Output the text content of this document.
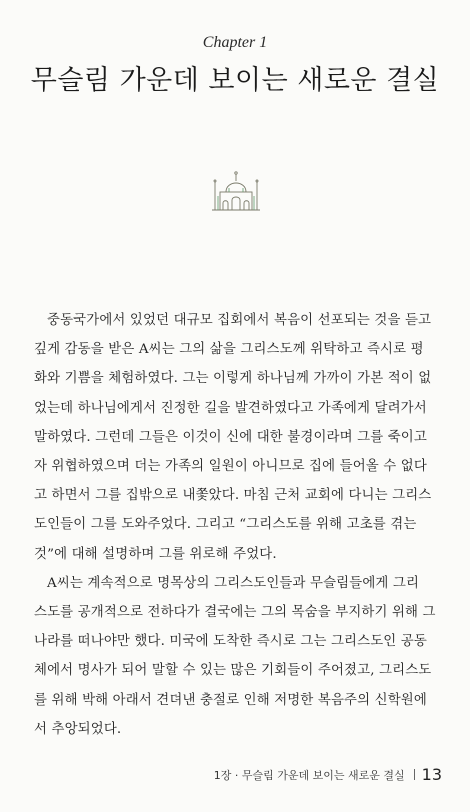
Chapter 1
무슬림 가운데 보이는 새로운 결실

중동국가에서 있었던 대규모 집회에서 복음이 선포되는 것을 듣고
깊게 감동을 받은 A씨는 그의 삶을 그리스도께 위탁하고 즉시로 평
화와 기쁨을 체험하였다. 그는 이렇게 하나님께 가까이 가본 적이 없
었는데 하나님에게서 진정한 길을 발견하였다고 가족에게 달려가서
말하였다. 그런데 그들은 이것이 신에 대한 불경이라며 그를 죽이고
자 위협하였으며 더는 가족의 일원이 아니므로 집에 들어올 수 없다
고 하면서 그를 집밖으로 내쫓았다. 마침 근처 교회에 다니는 그리스
도인들이 그를 도와주었다. 그리고 “그리스도를 위해 고초를 겪는
것”에 대해 설명하며 그를 위로해 주었다.

A씨는 계속적으로 명목상의 그리스도인들과 무슬림들에게 그리
스도를 공개적으로 전하다가 결국에는 그의 목숨을 부지하기 위해 그
나라를 떠나야만 했다. 미국에 도착한 즉시로 그는 그리스도인 공동
체에서 명사가 되어 말할 수 있는 많은 기회들이 주어졌고, 그리스도
를 위해 박해 아래서 견뎌낸 충절로 인해 저명한 복음주의 신학원에
서 추앙되었다.

1장 · 무슬림 가운데 보이는 새로운 결실 13
